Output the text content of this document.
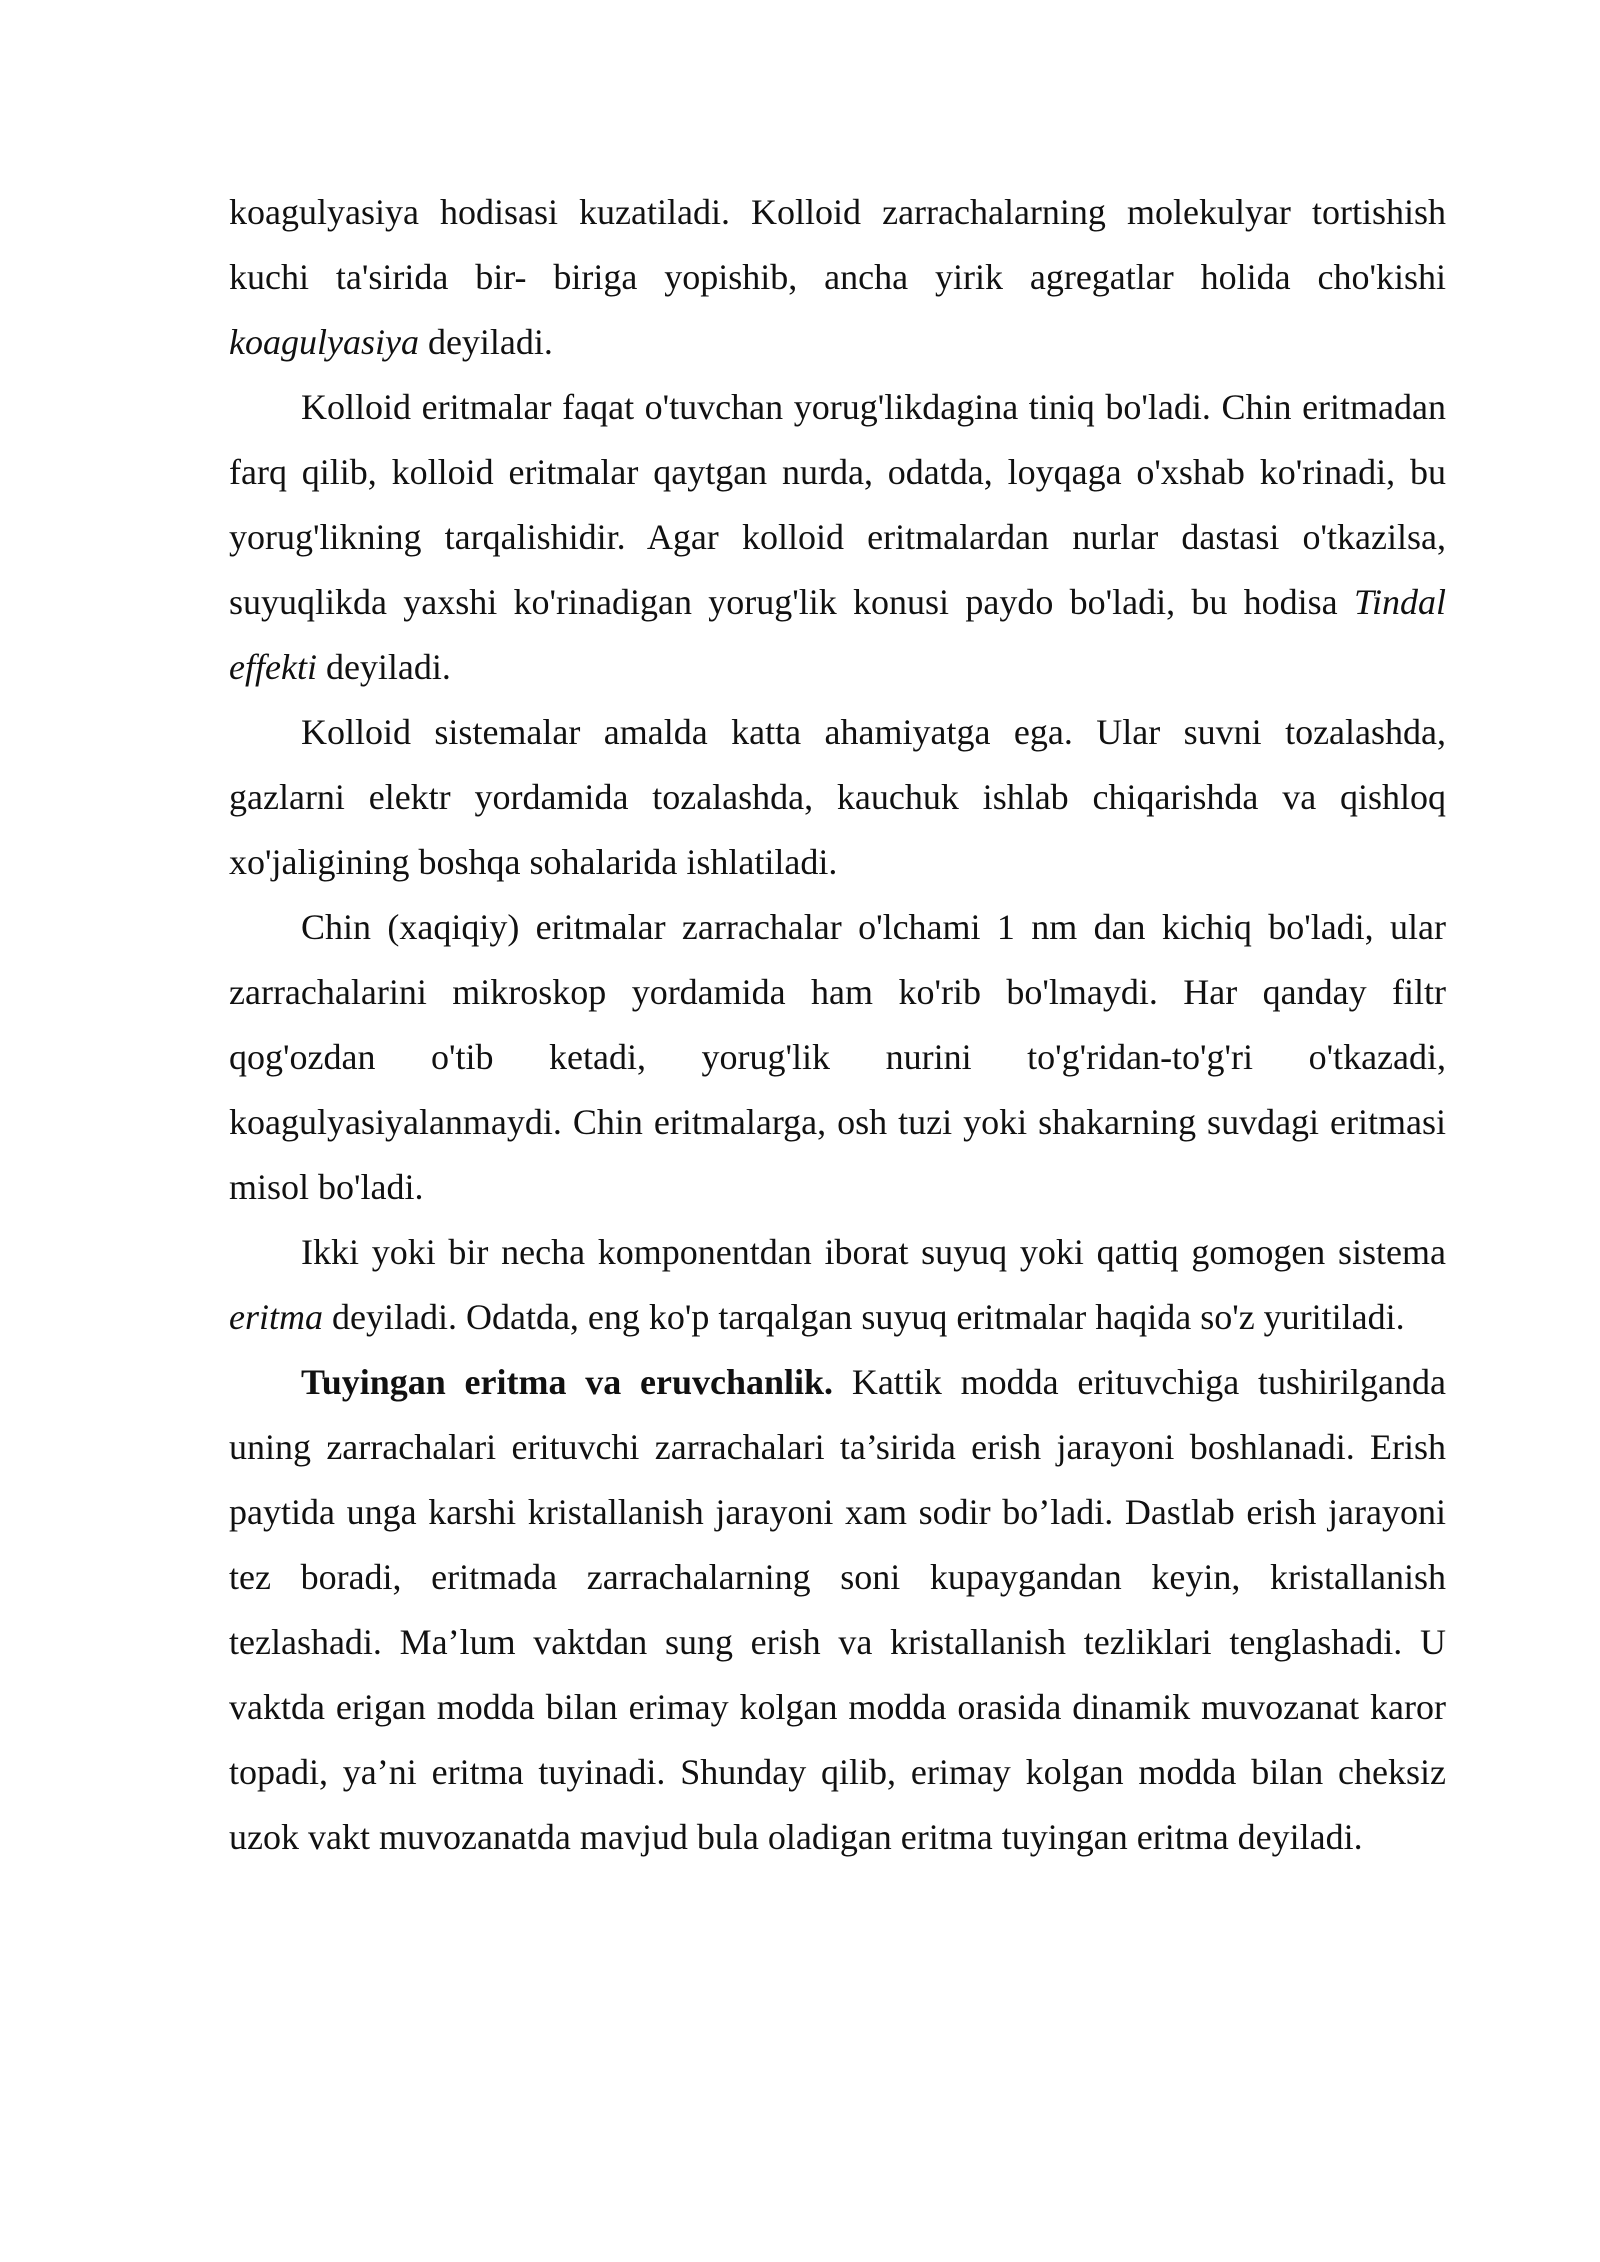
koagulyasiya hodisasi kuzatiladi. Kolloid zarrachalarning molekulyar tortishish kuchi ta'sirida bir- biriga yopishib, ancha yirik agregatlar holida cho'kishi koagulyasiya deyiladi.

Kolloid eritmalar faqat o'tuvchan yorug'likdagina tiniq bo'ladi. Chin eritmadan farq qilib, kolloid eritmalar qaytgan nurda, odatda, loyqaga o'xshab ko'rinadi, bu yorug'likning tarqalishidir. Agar kolloid eritmalardan nurlar dastasi o'tkazilsa, suyuqlikda yaxshi ko'rinadigan yorug'lik konusi paydo bo'ladi, bu hodisa Tindal effekti deyiladi.

Kolloid sistemalar amalda katta ahamiyatga ega. Ular suvni tozalashda, gazlarni elektr yordamida tozalashda, kauchuk ishlab chiqarishda va qishloq xo'jaligining boshqa sohalarida ishlatiladi.

Chin (xaqiqiy) eritmalar zarrachalar o'lchami 1 nm dan kichiq bo'ladi, ular zarrachalarini mikroskop yordamida ham ko'rib bo'lmaydi. Har qanday filtr qog'ozdan o'tib ketadi, yorug'lik nurini to'g'ridan-to'g'ri o'tkazadi, koagulyasiyalanmaydi. Chin eritmalarga, osh tuzi yoki shakarning suvdagi eritmasi misol bo'ladi.

Ikki yoki bir necha komponentdan iborat suyuq yoki qattiq gomogen sistema eritma deyiladi. Odatda, eng ko'p tarqalgan suyuq eritmalar haqida so'z yuritiladi.

Tuyingan eritma va eruvchanlik. Kattik modda erituvchiga tushirilganda uning zarrachalari erituvchi zarrachalari ta’sirida erish jarayoni boshlanadi. Erish paytida unga karshi kristallanish jarayoni xam sodir bo’ladi. Dastlab erish jarayoni tez boradi, eritmada zarrachalarning soni kupaygandan keyin, kristallanish tezlashadi. Ma’lum vaktdan sung erish va kristallanish tezliklari tenglashadi. U vaktda erigan modda bilan erimay kolgan modda orasida dinamik muvozanat karor topadi, ya’ni eritma tuyinadi. Shunday qilib, erimay kolgan modda bilan cheksiz uzok vakt muvozanatda mavjud bula oladigan eritma tuyingan eritma deyiladi.
